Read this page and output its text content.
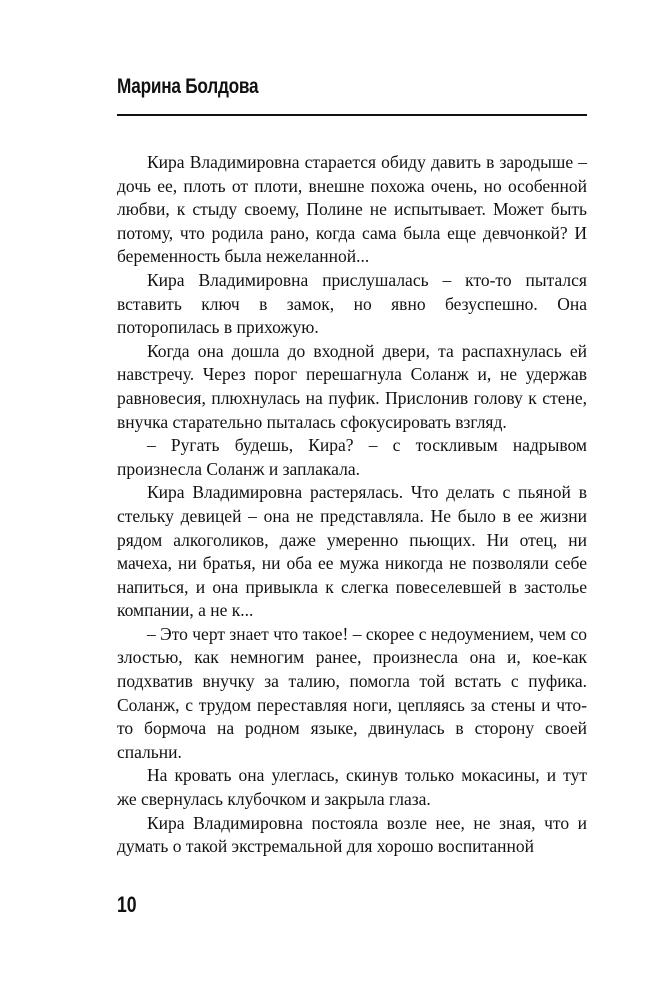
Марина Болдова

Кира Владимировна старается обиду давить в зародыше – дочь ее, плоть от плоти, внешне похожа очень, но особенной любви, к стыду своему, Полине не испытывает. Может быть потому, что родила рано, когда сама была еще девчонкой? И беременность была нежеланной...

Кира Владимировна прислушалась – кто-то пытался вставить ключ в замок, но явно безуспешно. Она поторопилась в прихожую.

Когда она дошла до входной двери, та распахнулась ей навстречу. Через порог перешагнула Соланж и, не удержав равновесия, плюхнулась на пуфик. Прислонив голову к стене, внучка старательно пыталась сфокусировать взгляд.

– Ругать будешь, Кира? – с тоскливым надрывом произнесла Соланж и заплакала.

Кира Владимировна растерялась. Что делать с пьяной в стельку девицей – она не представляла. Не было в ее жизни рядом алкоголиков, даже умеренно пьющих. Ни отец, ни мачеха, ни братья, ни оба ее мужа никогда не позволяли себе напиться, и она привыкла к слегка повеселевшей в застолье компании, а не к...

– Это черт знает что такое! – скорее с недоумением, чем со злостью, как немногим ранее, произнесла она и, кое-как подхватив внучку за талию, помогла той встать с пуфика. Соланж, с трудом переставляя ноги, цепляясь за стены и что-то бормоча на родном языке, двинулась в сторону своей спальни.

На кровать она улеглась, скинув только мокасины, и тут же свернулась клубочком и закрыла глаза.

Кира Владимировна постояла возле нее, не зная, что и думать о такой экстремальной для хорошо воспитанной

10
